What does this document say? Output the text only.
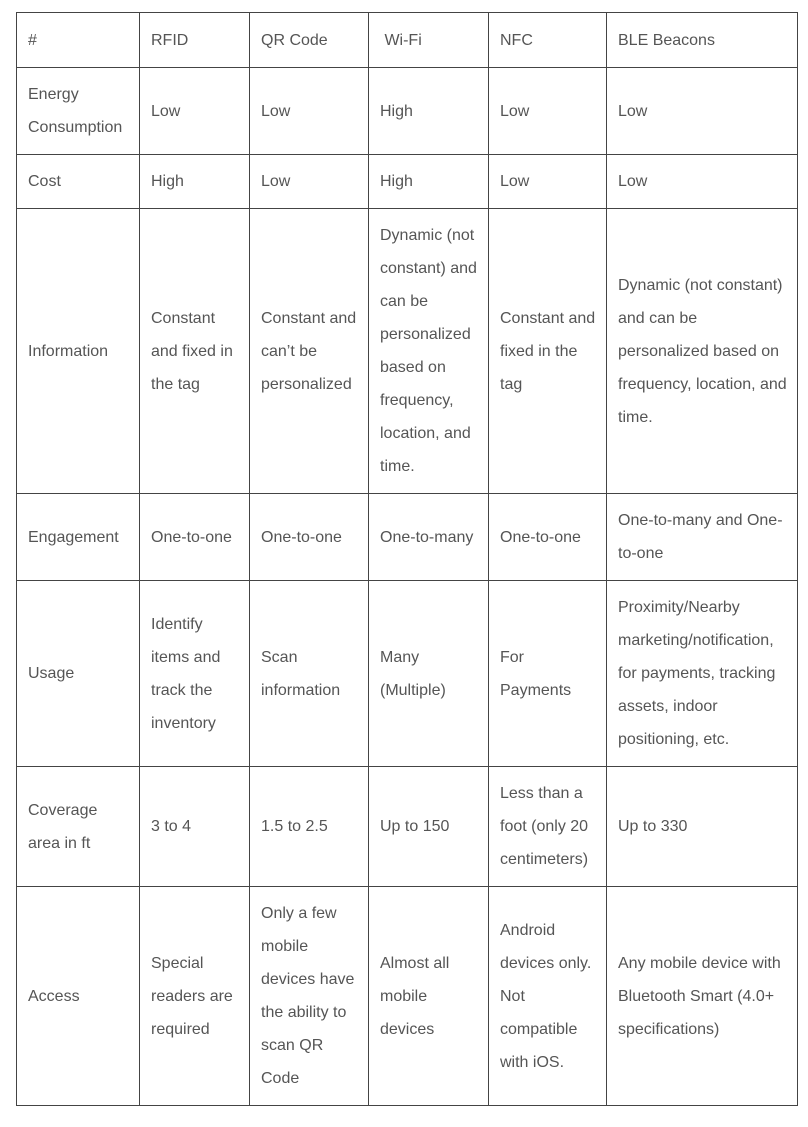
#	RFID	QR Code	Wi-Fi	NFC	BLE Beacons
Energy Consumption	Low	Low	High	Low	Low
Cost	High	Low	High	Low	Low
Information	Constant and fixed in the tag	Constant and can’t be personalized	Dynamic (not constant) and can be personalized based on frequency, location, and time.	Constant and fixed in the tag	Dynamic (not constant) and can be personalized based on frequency, location, and time.
Engagement	One-to-one	One-to-one	One-to-many	One-to-one	One-to-many and One-to-one
Usage	Identify items and track the inventory	Scan information	Many (Multiple)	For Payments	Proximity/Nearby marketing/notification, for payments, tracking assets, indoor positioning, etc.
Coverage area in ft	3 to 4	1.5 to 2.5	Up to 150	Less than a foot (only 20 centimeters)	Up to 330
Access	Special readers are required	Only a few mobile devices have the ability to scan QR Code	Almost all mobile devices	Android devices only. Not compatible with iOS.	Any mobile device with Bluetooth Smart (4.0+ specifications)
